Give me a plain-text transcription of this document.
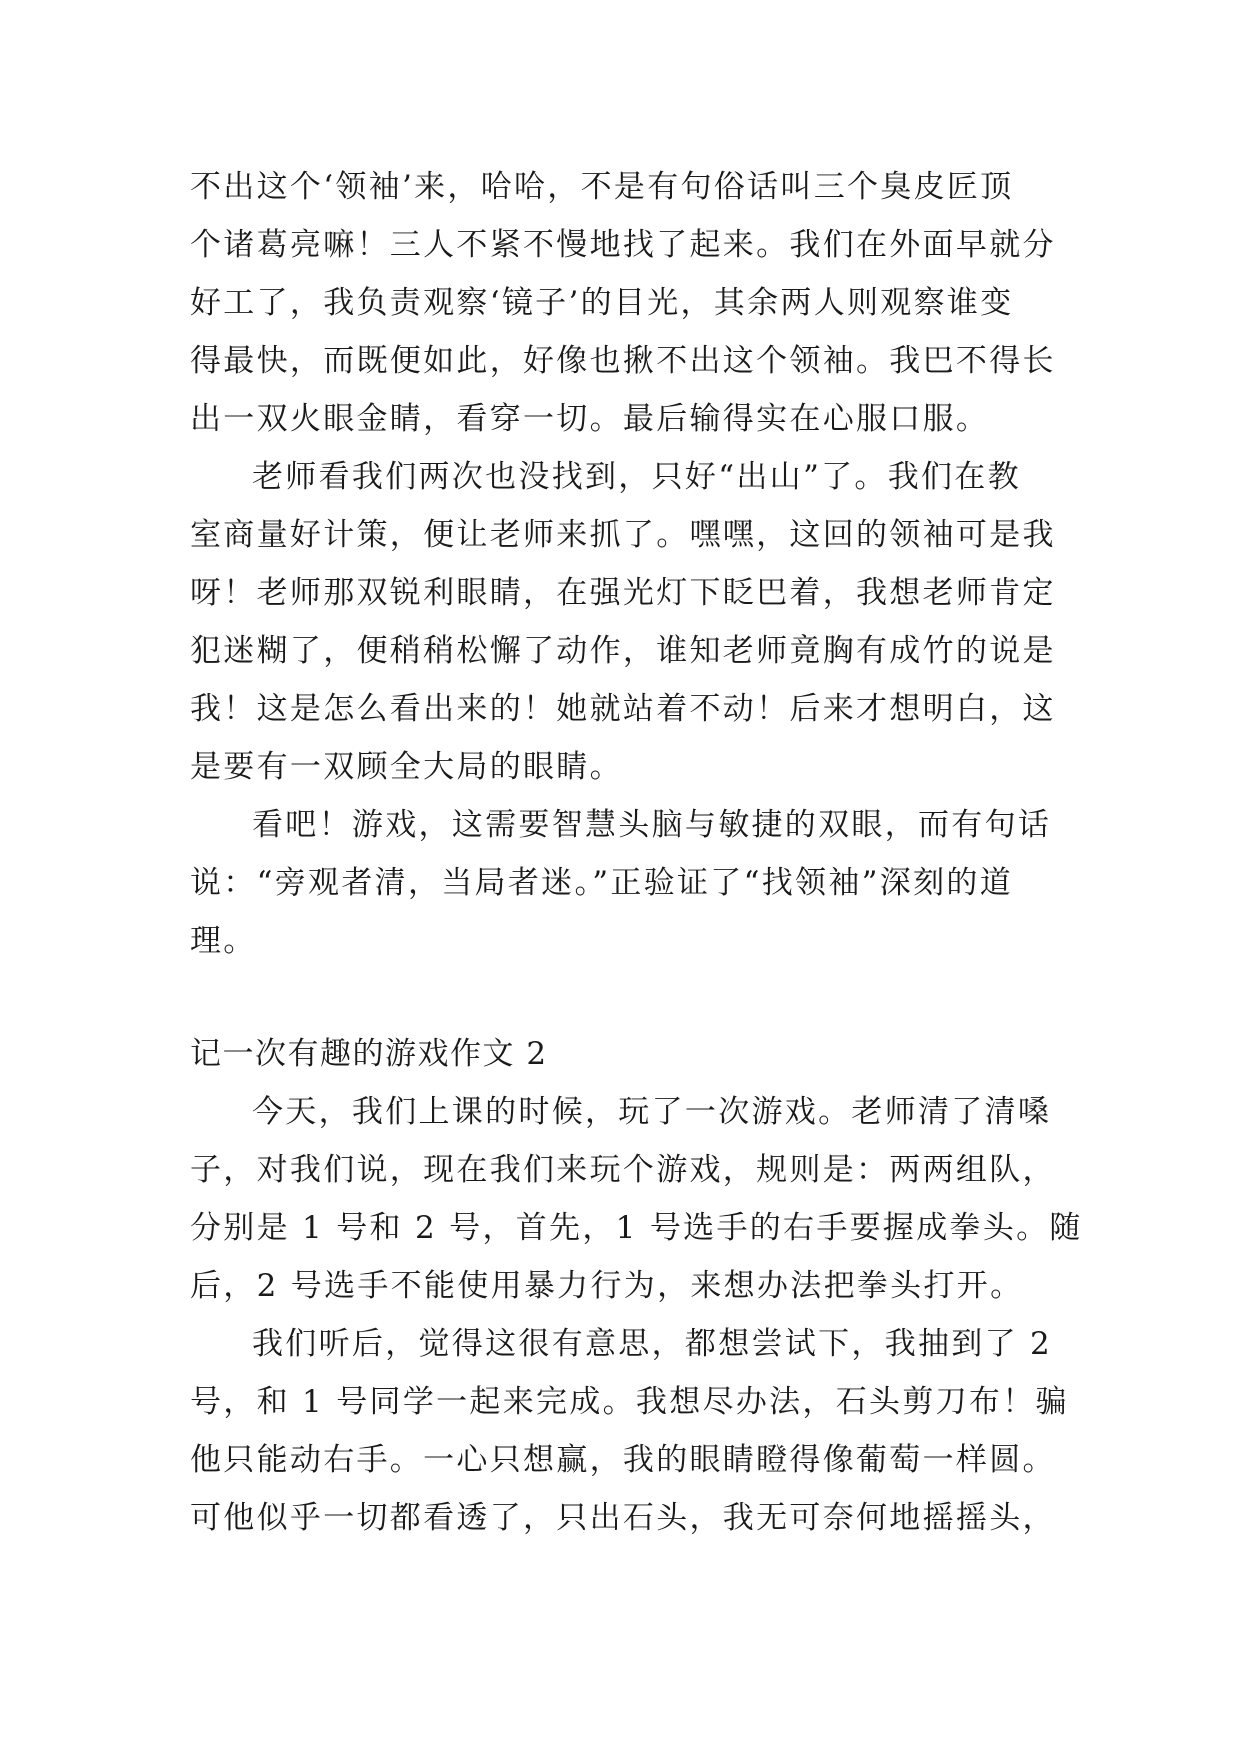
不出这个‘领袖’来，哈哈，不是有句俗话叫三个臭皮匠顶
个诸葛亮嘛！三人不紧不慢地找了起来。我们在外面早就分
好工了，我负责观察‘镜子’的目光，其余两人则观察谁变
得最快，而既便如此，好像也揪不出这个领袖。我巴不得长
出一双火眼金睛，看穿一切。最后输得实在心服口服。
老师看我们两次也没找到，只好“出山”了。我们在教
室商量好计策，便让老师来抓了。嘿嘿，这回的领袖可是我
呀！老师那双锐利眼睛，在强光灯下眨巴着，我想老师肯定
犯迷糊了，便稍稍松懈了动作，谁知老师竟胸有成竹的说是
我！这是怎么看出来的！她就站着不动！后来才想明白，这
是要有一双顾全大局的眼睛。
看吧！游戏，这需要智慧头脑与敏捷的双眼，而有句话
说：“旁观者清，当局者迷。”正验证了“找领袖”深刻的道
理。
记一次有趣的游戏作文 2
今天，我们上课的时候，玩了一次游戏。老师清了清嗓
子，对我们说，现在我们来玩个游戏，规则是：两两组队，
分别是 1 号和 2 号，首先，1 号选手的右手要握成拳头。随
后，2 号选手不能使用暴力行为，来想办法把拳头打开。
我们听后，觉得这很有意思，都想尝试下，我抽到了 2
号，和 1 号同学一起来完成。我想尽办法，石头剪刀布！骗
他只能动右手。一心只想赢，我的眼睛瞪得像葡萄一样圆。
可他似乎一切都看透了，只出石头，我无可奈何地摇摇头，
